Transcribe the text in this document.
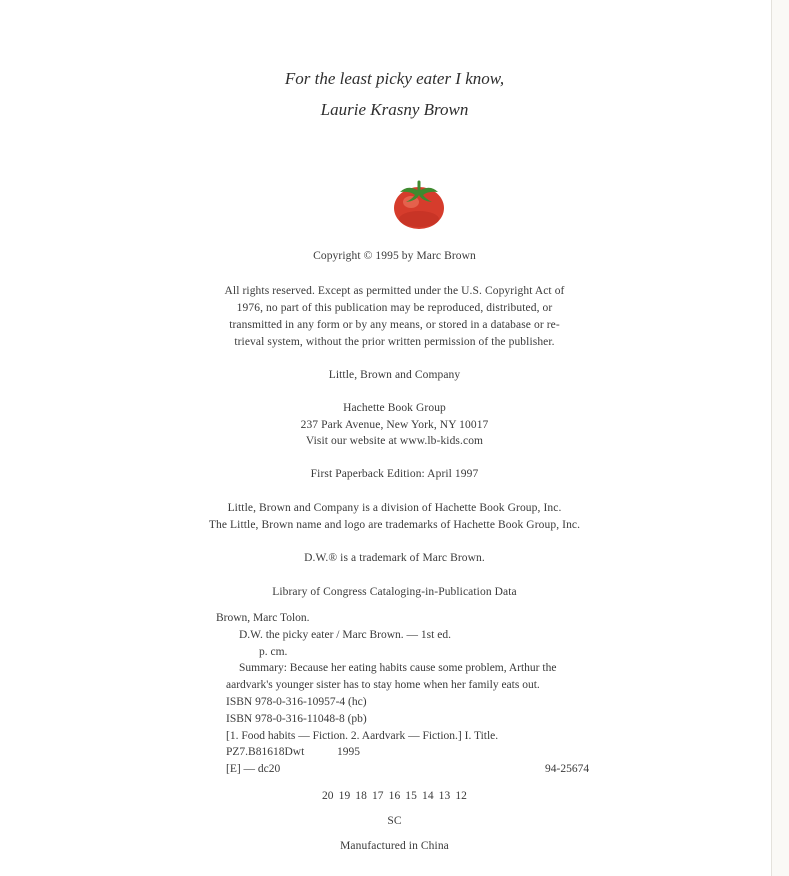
For the least picky eater I know,
Laurie Krasny Brown
Copyright © 1995 by Marc Brown
All rights reserved. Except as permitted under the U.S. Copyright Act of
1976, no part of this publication may be reproduced, distributed, or
transmitted in any form or by any means, or stored in a database or re-
trieval system, without the prior written permission of the publisher.
Little, Brown and Company
Hachette Book Group
237 Park Avenue, New York, NY 10017
Visit our website at www.lb-kids.com
First Paperback Edition: April 1997
Little, Brown and Company is a division of Hachette Book Group, Inc.
The Little, Brown name and logo are trademarks of Hachette Book Group, Inc.
D.W.® is a trademark of Marc Brown.
Library of Congress Cataloging-in-Publication Data
Brown, Marc Tolon.
D.W. the picky eater / Marc Brown. — 1st ed.
p. cm.
Summary: Because her eating habits cause some problem, Arthur the
aardvark's younger sister has to stay home when her family eats out.
ISBN 978-0-316-10957-4 (hc)
ISBN 978-0-316-11048-8 (pb)
[1. Food habits — Fiction. 2. Aardvark — Fiction.] I. Title.
PZ7.B81618Dwt	1995
[E] — dc20	94-25674
20 19 18 17 16 15 14 13 12
SC
Manufactured in China
